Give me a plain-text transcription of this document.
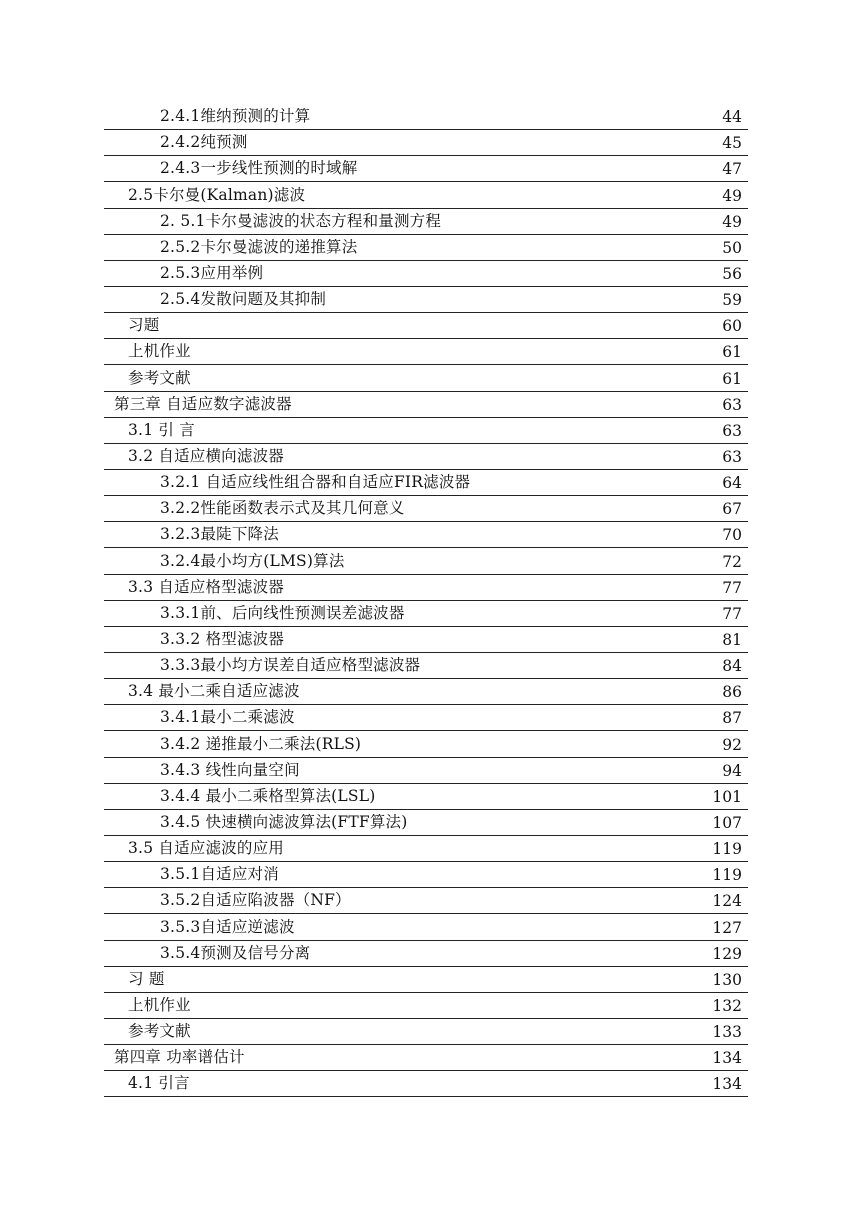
2.4.1维纳预测的计算	44
2.4.2纯预测	45
2.4.3一步线性预测的时域解	47
2.5卡尔曼(Kalman)滤波	49
2. 5.1卡尔曼滤波的状态方程和量测方程	49
2.5.2卡尔曼滤波的递推算法	50
2.5.3应用举例	56
2.5.4发散问题及其抑制	59
习题	60
上机作业	61
参考文献	61
第三章 自适应数字滤波器	63
3.1 引 言	63
3.2 自适应横向滤波器	63
3.2.1 自适应线性组合器和自适应FIR滤波器	64
3.2.2性能函数表示式及其几何意义	67
3.2.3最陡下降法	70
3.2.4最小均方(LMS)算法	72
3.3 自适应格型滤波器	77
3.3.1前、后向线性预测误差滤波器	77
3.3.2 格型滤波器	81
3.3.3最小均方误差自适应格型滤波器	84
3.4 最小二乘自适应滤波	86
3.4.1最小二乘滤波	87
3.4.2 递推最小二乘法(RLS)	92
3.4.3 线性向量空间	94
3.4.4 最小二乘格型算法(LSL)	101
3.4.5 快速横向滤波算法(FTF算法)	107
3.5 自适应滤波的应用	119
3.5.1自适应对消	119
3.5.2自适应陷波器（NF）	124
3.5.3自适应逆滤波	127
3.5.4预测及信号分离	129
习 题	130
上机作业	132
参考文献	133
第四章 功率谱估计	134
4.1 引言	134
